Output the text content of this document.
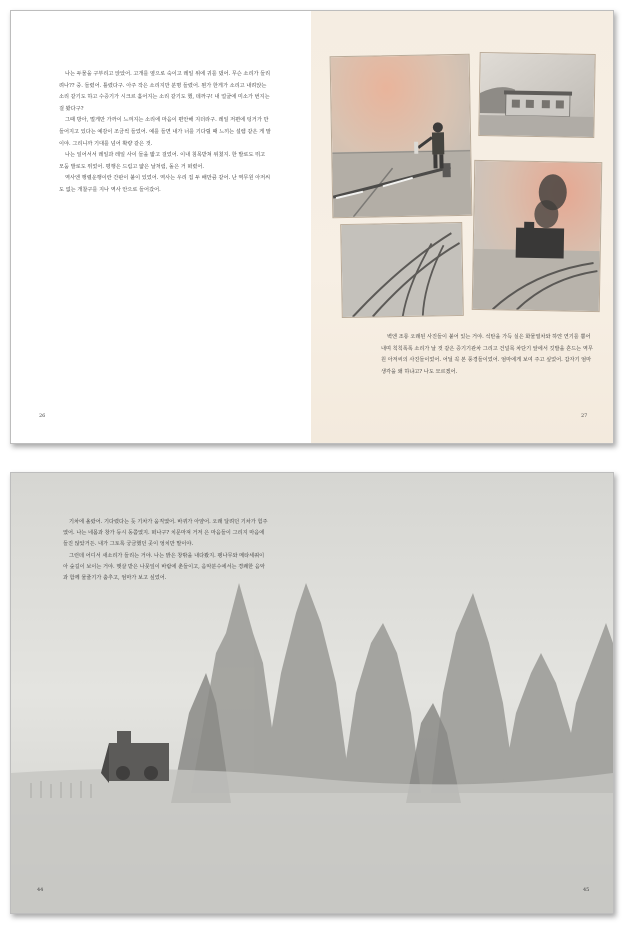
나는 두물을 구부리고 앉았어. 고개를 옆으로 숙이고 레일 위에 귀를 댔어. 무슨 소리가 들리려나?? 중. 들렸어. 틀렸다구. 아주 작은 소리지만 분명 들렸어. 뭔가 한게가 소리고 내려앉는 소리 같기도 하고 수증기가 시크르 흩어지는 소리 같기도 했, 데까구! 내 얼굴에 미소가 번지는 걸 봤다구?

그때 방아, 멀게만 가까이 느껴지는 소리에 마음이 편안해 지더라구. 레일 저편에 텅거가 만들어지고 있다는 예감이 조금씩 들었어. 예를 들면 내가 너를 기다릴 때 느끼는 설렘 같은 게 말이야. 그리니까 기대를 넘어 확량 같은 것.

나는 일어서서 레일과 레일 사이 들을 밟고 걸었어. 이내 침목받쳐 위쳤지. 한 발로도 뛰고 모둠 발로도 뛰었어. 평행은 드림고 얇은 날처럼, 돌은 거 떠렸어.

역사엔 행렬운행이란 간판이 붙이 있었어. 역사는 우리 집 두 배만큼 같어. 난 역무원 아저씨도 없는 개찰구를 지나 역사 안으로 들어갔어.

26

벽엔 조롱 오래된 사진들이 붙어 있는 거야. 석탄을 가득 실은 화물열차와 하얀 연기를 뿜어내며 칙칙폭폭 소리가 날 것 같은 증기기관차 그리고 건널목 차단기 앞에서 깃발을 흔드는 역무원 아저씨의 사진들이었어. 어딜 꼭 본 풍경들이었어. 엄마에게 보여 주고 싶었어. 갑자기 엄마 생각을 왜 하냐고? 나도 모르겠어.

27

기차에 올랐어. 기다렸다는 듯 기차가 움직였어. 바퀴가 아얌어. 오래 달려던 기차가 힘주였어. 나는 네몸과 창가 등시 동쯤였지. 떠나구? 치문마져 거저 은 마음들이 그리지 마음에 들진 않았거든. 내가 그토록 궁금했던 곳이 엉치만 말이야.

그런데 어디서 새소리가 들리는 거야. 나는 밝은 창밖을 내다봤지. 팽나무와 메타세쿼이아 숲길이 보이는 거야. 햇살 받은 나뭇잎이 바람에 춘들이고, 음악분수에서는 경쾌한 음악과 함께 물줄기가 춤추고, 엄마가 보고 싶었어.

44	45
